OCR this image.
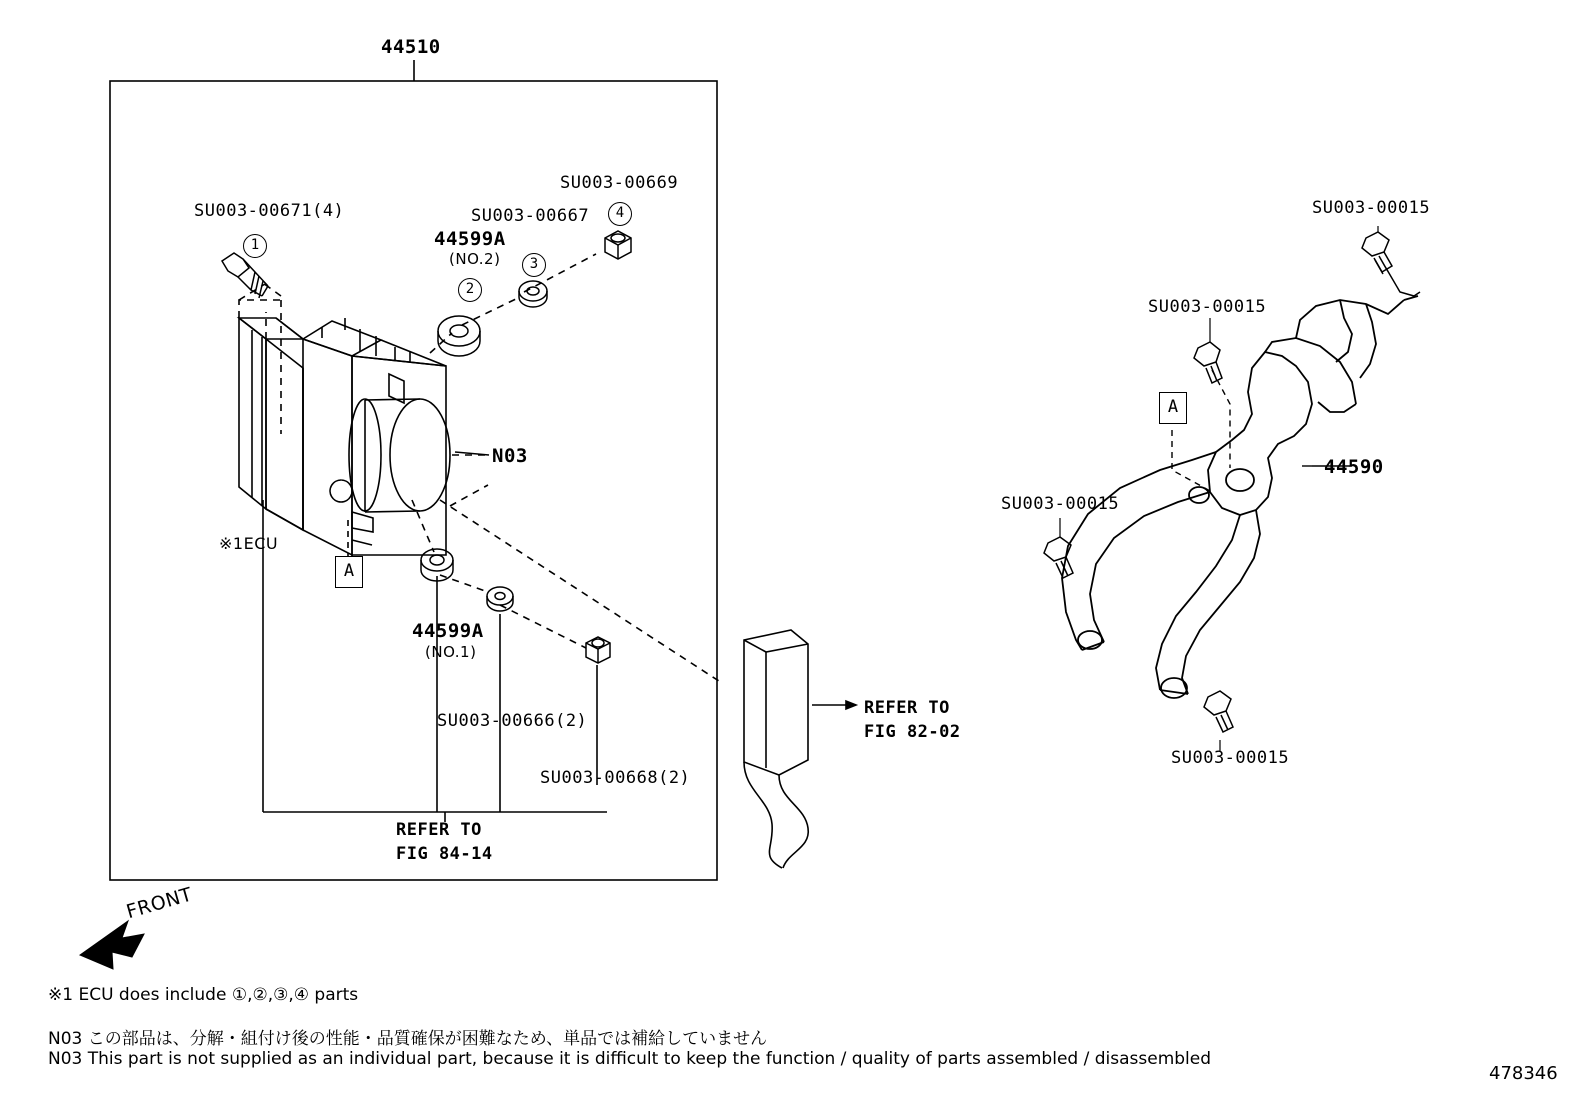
44510
SU003-00671(4)
1
SU003-00667
3
SU003-00669
4
44599A
(NO.2)
2
N03
※1ECU
A
44599A
(NO.1)
SU003-00666(2)
SU003-00668(2)
REFER TO
FIG 84-14
REFER TO
FIG 82-02
SU003-00015
SU003-00015
SU003-00015
SU003-00015
A
44590
FRONT
※1 ECU does include ①,②,③,④ parts
N03 この部品は、分解・組付け後の性能・品質確保が困難なため、単品では補給していません
N03 This part is not supplied as an individual part, because it is difficult to keep the function / quality of parts assembled / disassembled
478346
